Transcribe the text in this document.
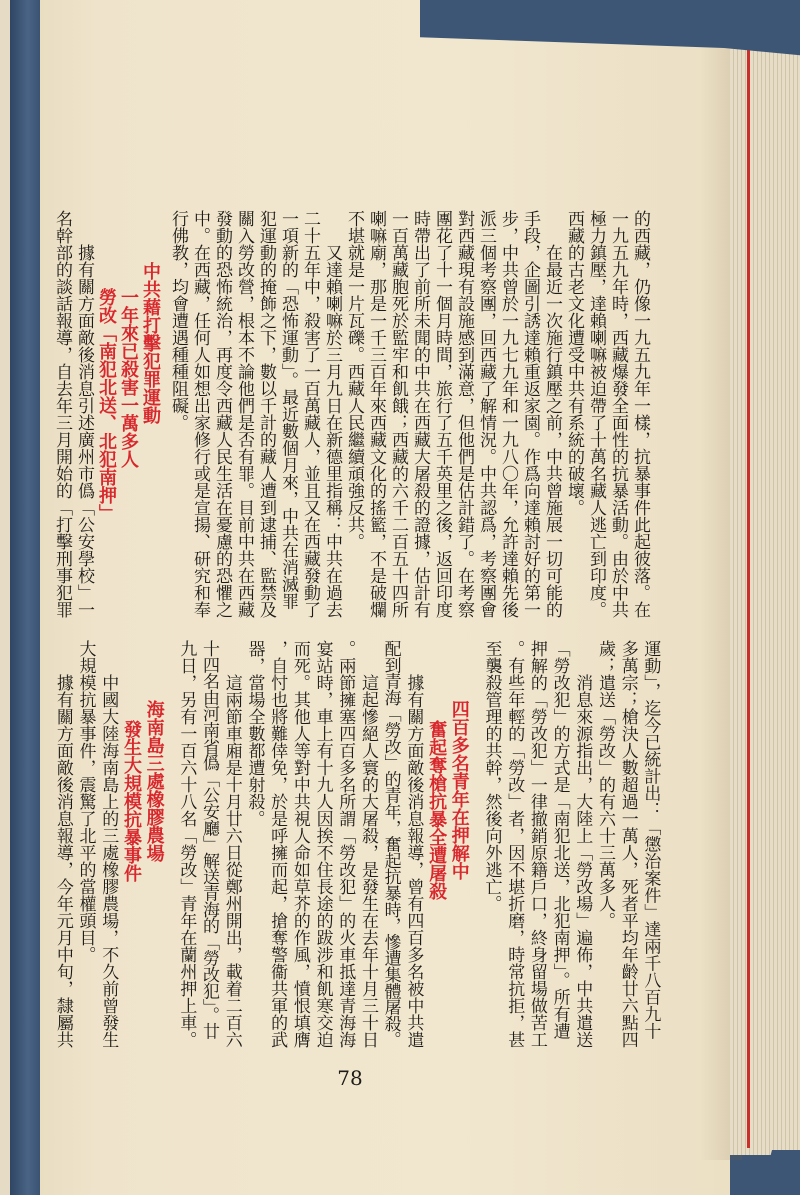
的西藏，仍像一九五九年一樣，抗暴事件此起彼落。在
一九五九年時，西藏爆發全面性的抗暴活動。由於中共
極力鎮壓，達賴喇嘛被迫帶了十萬名藏人逃亡到印度。
西藏的古老文化遭受中共有系統的破壞。
在最近一次施行鎮壓之前，中共曾施展一切可能的
手段，企圖引誘達賴重返家園。作爲向達賴討好的第一
步，中共曾於一九七九年和一九八〇年，允許達賴先後
派三個考察團，回西藏了解情況。中共認爲，考察團會
對西藏現有設施感到滿意，但他們是估計錯了。在考察
團花了十一個月時間，旅行了五千英里之後，返回印度
時帶出了前所未聞的中共在西藏大屠殺的證據，估計有
一百萬藏胞死於監牢和飢餓；西藏的六千二百五十四所
喇嘛廟，那是一千三百年來西藏文化的搖籃，不是破爛
不堪就是一片瓦礫。西藏人民繼續頑強反共。
又達賴喇嘛於三月九日在新德里指稱：中共在過去
二十五年中，殺害了一百萬藏人，並且又在西藏發動了
一項新的「恐怖運動」。最近數個月來，中共在消滅罪
犯運動的掩飾之下，數以千計的藏人遭到逮捕、監禁及
關入勞改營，根本不論他們是否有罪。目前中共在西藏
發動的恐怖統治，再度令西藏人民生活在憂慮的恐懼之
中。在西藏，任何人如想出家修行或是宣揚、研究和奉
行佛教，均會遭遇種種阻礙。
中共藉打擊犯罪運動
一年來已殺害一萬多人
勞改「南犯北送、北犯南押」
據有關方面敵後消息引述廣州市僞「公安學校」一
名幹部的談話報導，自去年三月開始的「打擊刑事犯罪
運動」，迄今已統計出：「懲治案件」達兩千八百九十
多萬宗；槍決人數超過一萬人，死者平均年齡廿六點四
歲；遣送「勞改」的有六十三萬多人。
消息來源指出，大陸上「勞改場」遍佈，中共遣送
「勞改犯」的方式是「南犯北送，北犯南押」。所有遭
押解的「勞改犯」一律撤銷原籍戶口，終身留場做苦工
。有些年輕的「勞改」者，因不堪折磨，時常抗拒，甚
至襲殺管理的共幹，然後向外逃亡。
四百多名青年在押解中
奮起奪槍抗暴全遭屠殺
據有關方面敵後消息報導，曾有四百多名被中共遣
配到青海「勞改」的青年，奮起抗暴時，慘遭集體屠殺。
這起慘絕人寰的大屠殺，是發生在去年十月三十日
。兩節擁塞四百多名所謂「勞改犯」的火車抵達青海海
宴站時，車上有十九人因挨不住長途的跋涉和飢寒交迫
而死。其他人等對中共視人命如草芥的作風，憤恨填膺
，自忖也將難倖免，於是呼擁而起，搶奪警衞共軍的武
器，當場全數都遭射殺。
這兩節車廂是十月廿六日從鄭州開出，載着二百六
十四名由河南省僞「公安廳」解送青海的「勞改犯」。廿
九日，另有一百六十八名「勞改」青年在蘭州押上車。
海南島三處橡膠農場
發生大規模抗暴事件
中國大陸海南島上的三處橡膠農場，不久前曾發生
大規模抗暴事件，震驚了北平的當權頭目。
據有關方面敵後消息報導，今年元月中旬，隸屬共
78
